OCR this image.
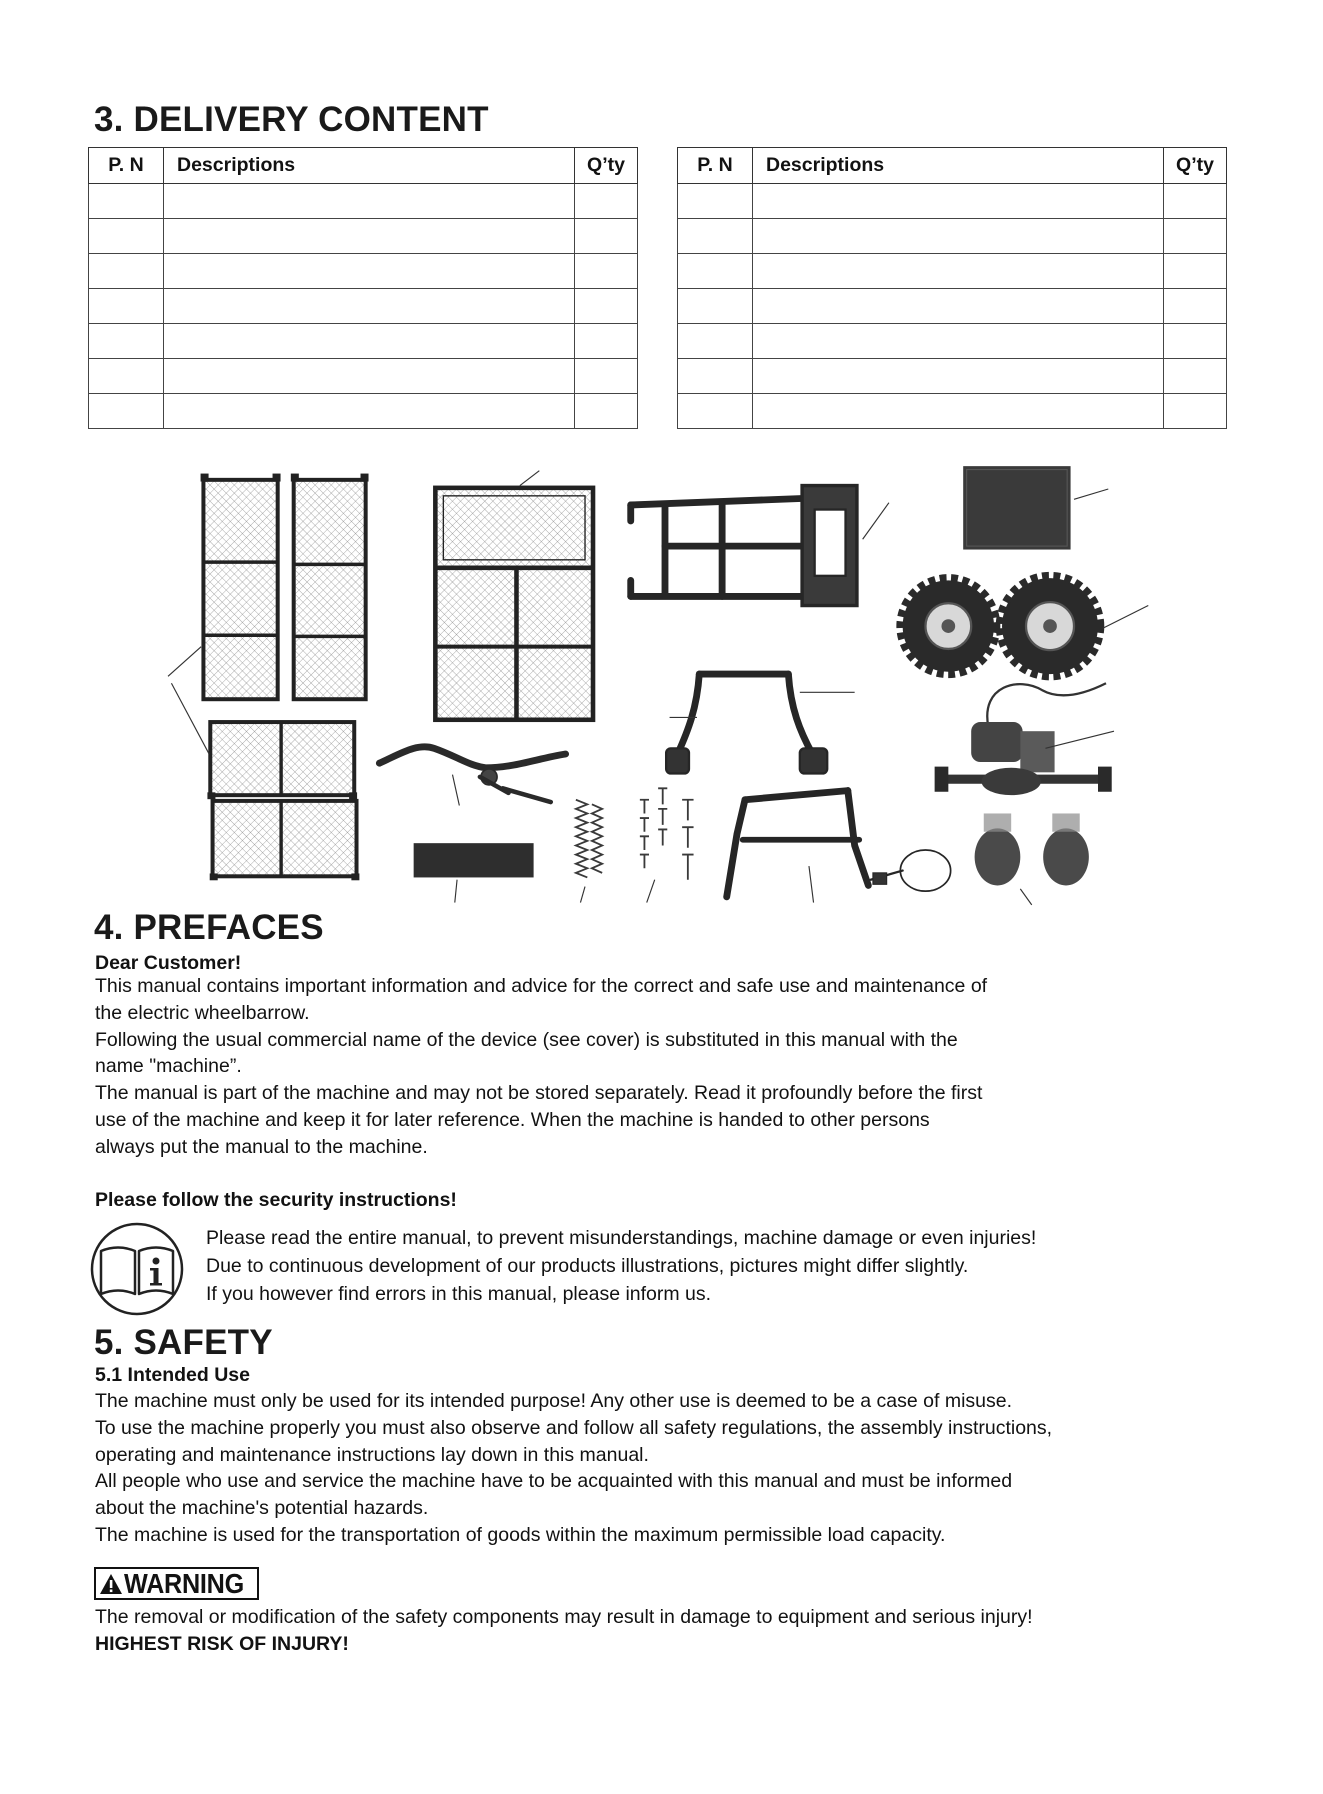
3. DELIVERY CONTENT
P. N	Descriptions	Q’ty

			P. N	Descriptions	Q’ty

4. PREFACES
Dear Customer!
This manual contains important information and advice for the correct and safe use and maintenance of
the electric wheelbarrow.
Following the usual commercial name of the device (see cover) is substituted in this manual with the
name "machine”.
The manual is part of the machine and may not be stored separately. Read it profoundly before the first
use of the machine and keep it for later reference. When the machine is handed to other persons
always put the manual to the machine.
Please follow the security instructions!
Please read the entire manual, to prevent misunderstandings, machine damage or even injuries!
Due to continuous development of our products illustrations, pictures might differ slightly.
If you however find errors in this manual, please inform us.
5. SAFETY
5.1 Intended Use
The machine must only be used for its intended purpose! Any other use is deemed to be a case of misuse.
To use the machine properly you must also observe and follow all safety regulations, the assembly instructions,
operating and maintenance instructions lay down in this manual.
All people who use and service the machine have to be acquainted with this manual and must be informed
about the machine's potential hazards.
The machine is used for the transportation of goods within the maximum permissible load capacity.
WARNING
The removal or modification of the safety components may result in damage to equipment and serious injury!
HIGHEST RISK OF INJURY!
